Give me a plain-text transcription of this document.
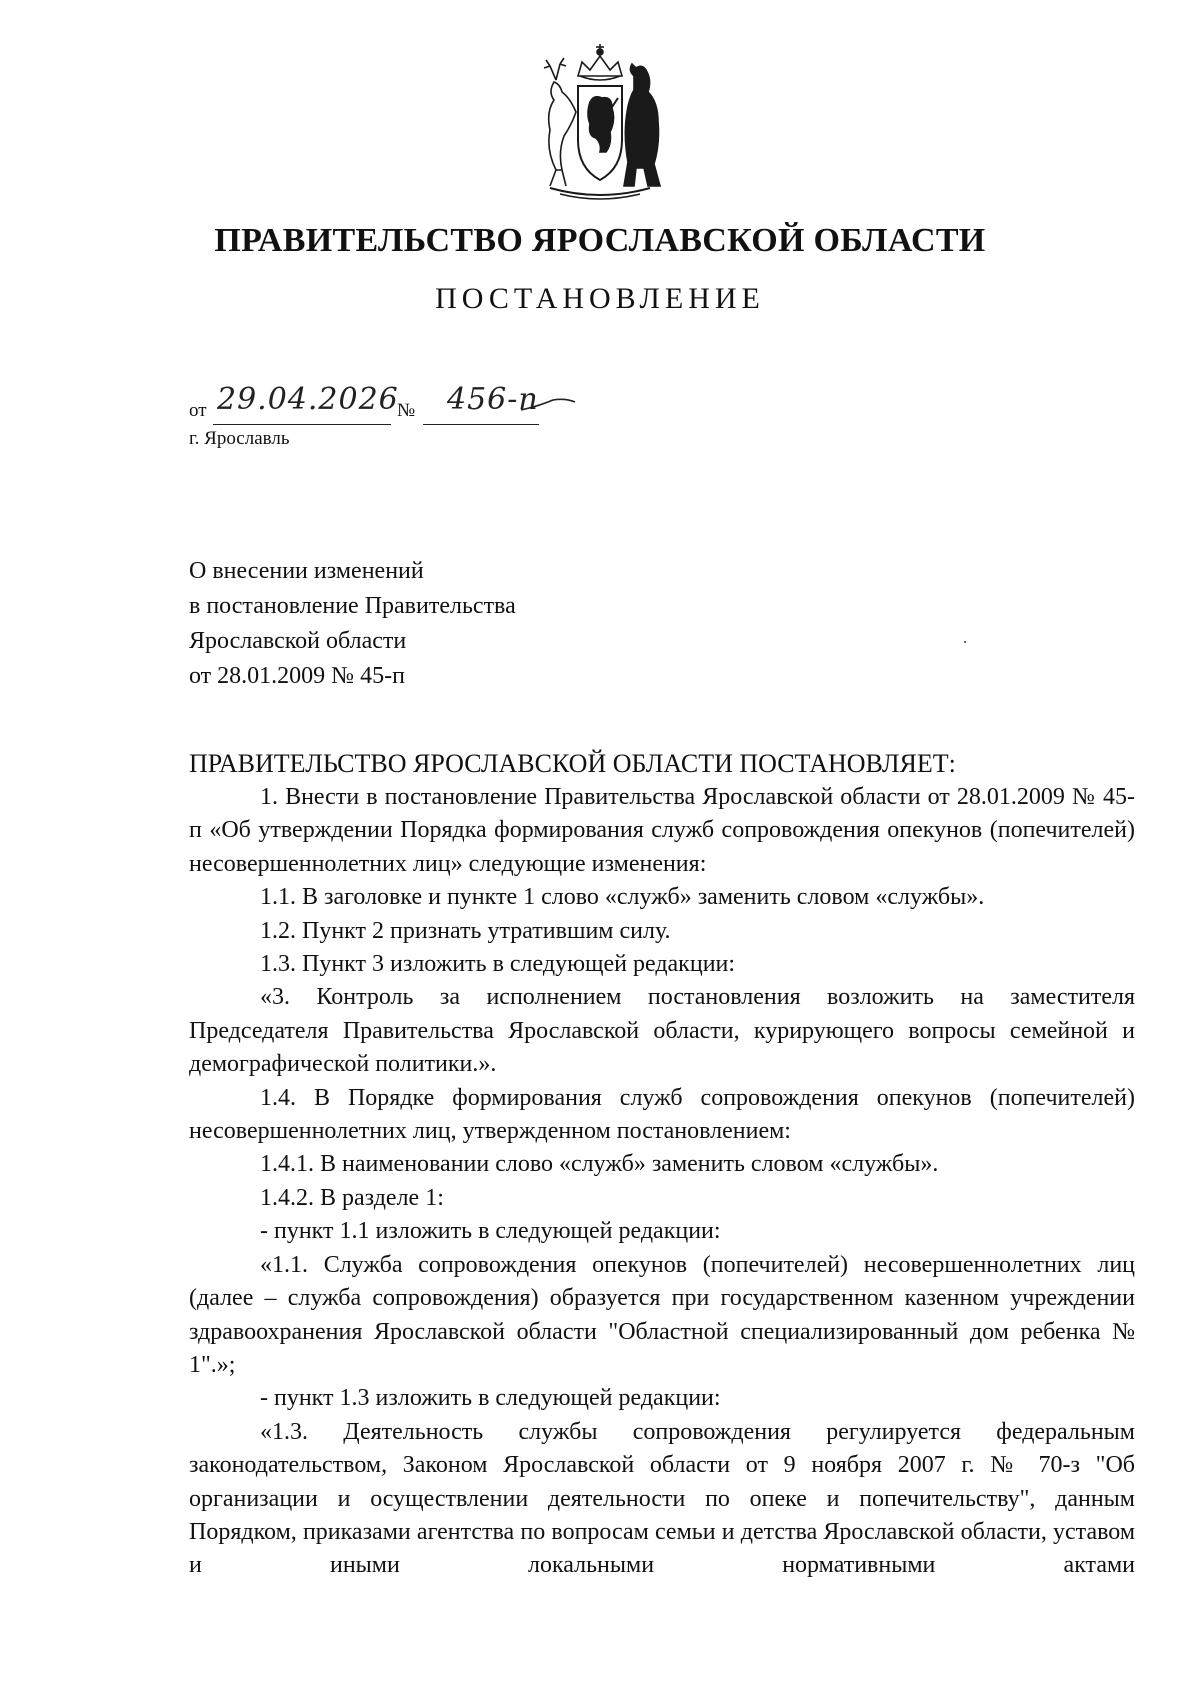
ПРАВИТЕЛЬСТВО ЯРОСЛАВСКОЙ ОБЛАСТИ
ПОСТАНОВЛЕНИЕ
от 29.04.2026
№ 456-п
г. Ярославль
О внесении изменений
в постановление Правительства
Ярославской области
от 28.01.2009 № 45-п
ПРАВИТЕЛЬСТВО ЯРОСЛАВСКОЙ ОБЛАСТИ ПОСТАНОВЛЯЕТ:

1. Внести в постановление Правительства Ярославской области от 28.01.2009 № 45-п «Об утверждении Порядка формирования служб сопровождения опекунов (попечителей) несовершеннолетних лиц» следующие изменения:

1.1. В заголовке и пункте 1 слово «служб» заменить словом «службы».

1.2. Пункт 2 признать утратившим силу.

1.3. Пункт 3 изложить в следующей редакции:

«3. Контроль за исполнением постановления возложить на заместителя Председателя Правительства Ярославской области, курирующего вопросы семейной и демографической политики.».

1.4. В Порядке формирования служб сопровождения опекунов (попечителей) несовершеннолетних лиц, утвержденном постановлением:

1.4.1. В наименовании слово «служб» заменить словом «службы».

1.4.2. В разделе 1:

- пункт 1.1 изложить в следующей редакции:

«1.1. Служба сопровождения опекунов (попечителей) несовершеннолетних лиц (далее – служба сопровождения) образуется при государственном казенном учреждении здравоохранения Ярославской области "Областной специализированный дом ребенка № 1".»;

- пункт 1.3 изложить в следующей редакции:

«1.3. Деятельность службы сопровождения регулируется федеральным законодательством, Законом Ярославской области от 9 ноября 2007 г. № 70-з "Об организации и осуществлении деятельности по опеке и попечительству", данным Порядком, приказами агентства по вопросам семьи и детства Ярославской области, уставом и иными локальными нормативными актами
